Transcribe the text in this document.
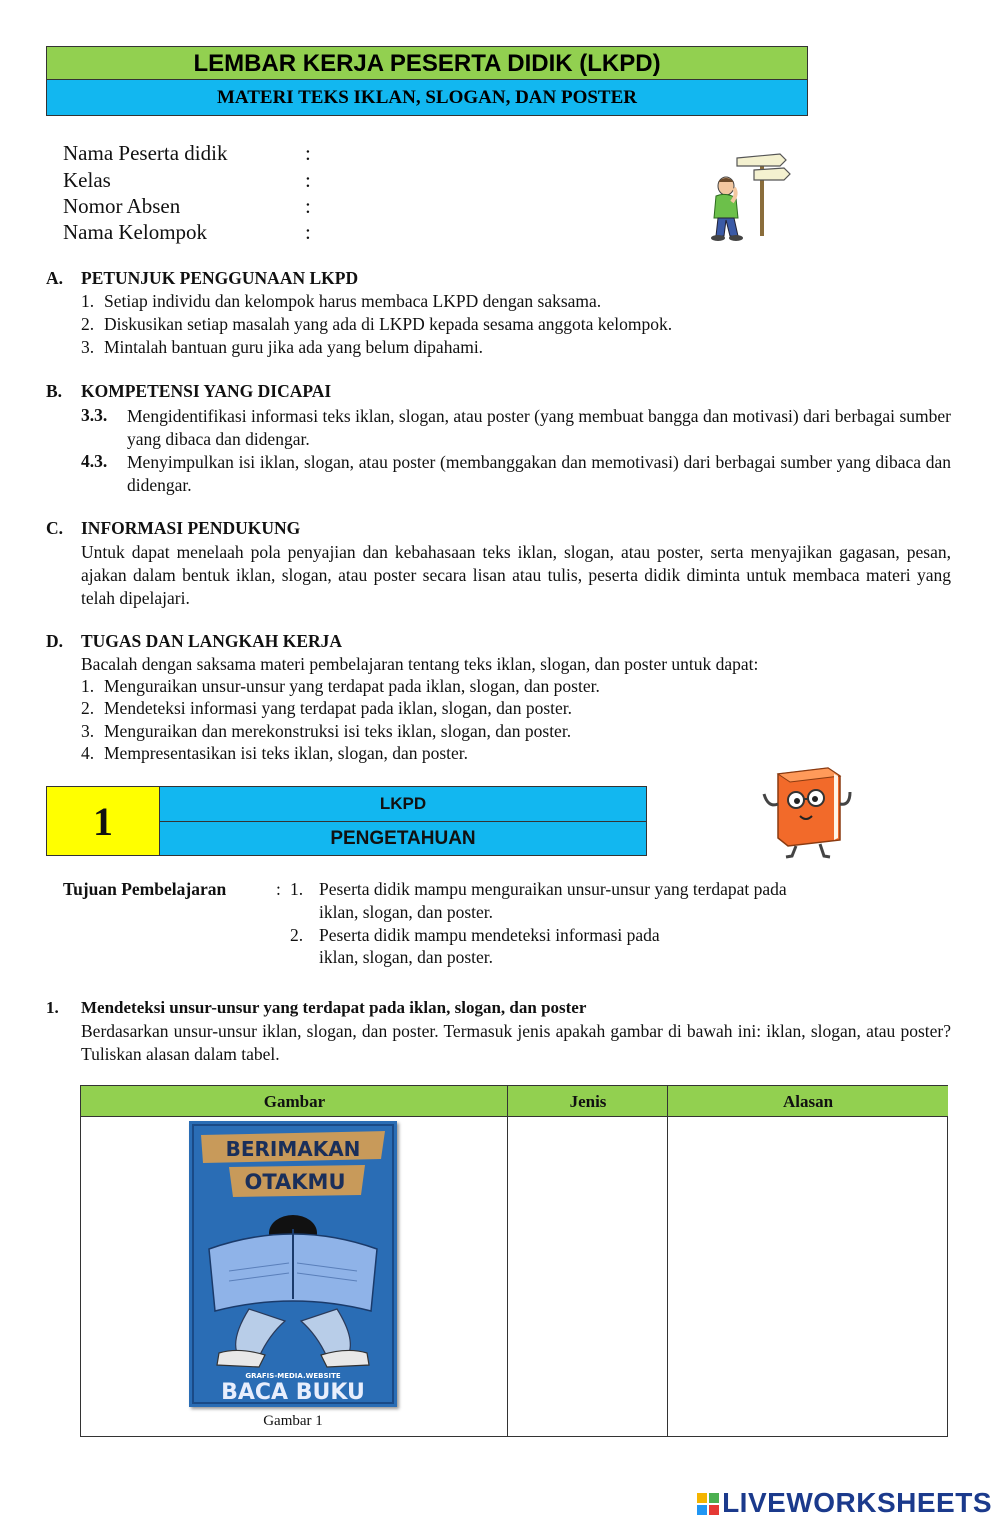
LEMBAR KERJA PESERTA DIDIK (LKPD)
MATERI TEKS IKLAN, SLOGAN, DAN POSTER
Nama Peserta didik	:
Kelas	:
Nomor Absen	:
Nama Kelompok	:
A. PETUNJUK PENGGUNAAN LKPD
1. Setiap individu dan kelompok harus membaca LKPD dengan saksama.
2. Diskusikan setiap masalah yang ada di LKPD kepada sesama anggota kelompok.
3. Mintalah bantuan guru jika ada yang belum dipahami.
B. KOMPETENSI YANG DICAPAI
3.3. Mengidentifikasi informasi teks iklan, slogan, atau poster (yang membuat bangga dan motivasi) dari berbagai sumber yang dibaca dan didengar.
4.3. Menyimpulkan isi iklan, slogan, atau poster (membanggakan dan memotivasi) dari berbagai sumber yang dibaca dan didengar.
C. INFORMASI PENDUKUNG
Untuk dapat menelaah pola penyajian dan kebahasaan teks iklan, slogan, atau poster, serta menyajikan gagasan, pesan, ajakan dalam bentuk iklan, slogan, atau poster secara lisan atau tulis, peserta didik diminta untuk membaca materi yang telah dipelajari.
D. TUGAS DAN LANGKAH KERJA
Bacalah dengan saksama materi pembelajaran tentang teks iklan, slogan, dan poster untuk dapat:
1. Menguraikan unsur-unsur yang terdapat pada iklan, slogan, dan poster.
2. Mendeteksi informasi yang terdapat pada iklan, slogan, dan poster.
3. Menguraikan dan merekonstruksi isi teks iklan, slogan, dan poster.
4. Mempresentasikan isi teks iklan, slogan, dan poster.
1	LKPD
PENGETAHUAN
Tujuan Pembelajaran	: 1. Peserta didik mampu menguraikan unsur-unsur yang terdapat pada
iklan, slogan, dan poster.
2. Peserta didik mampu mendeteksi informasi pada
iklan, slogan, dan poster.
1. Mendeteksi unsur-unsur yang terdapat pada iklan, slogan, dan poster
Berdasarkan unsur-unsur iklan, slogan, dan poster. Termasuk jenis apakah gambar di bawah ini: iklan, slogan, atau poster? Tuliskan alasan dalam tabel.
Gambar	Jenis	Alasan
BERIMAKAN
OTAKMU
GRAFIS-MEDIA.WEBSITE
BACA BUKU
Gambar 1
LIVEWORKSHEETS
